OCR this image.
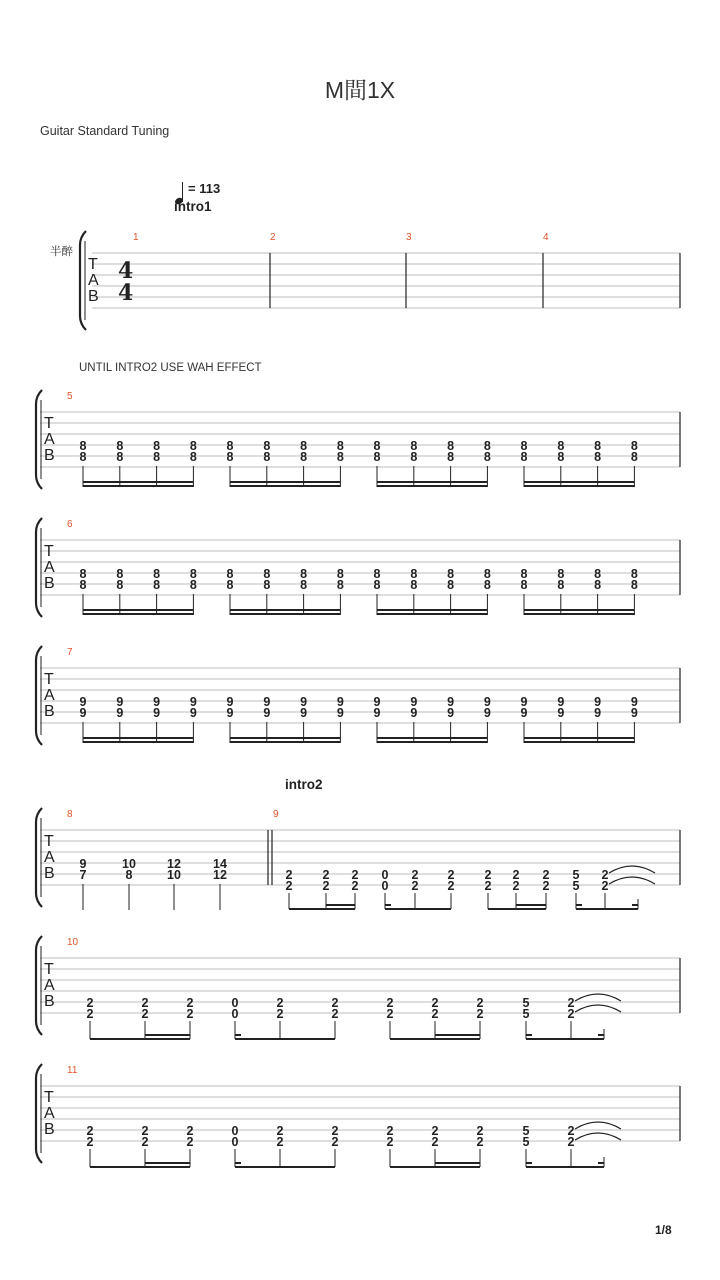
M間1X
Guitar Standard Tuning
= 113
intro1
intro2
UNTIL INTRO2 USE WAH EFFECT
半醉
1/8
T
A
B
4
4
1	2	3	4
T
A
B
5
8
8
8
8
8
8
8
8
8
8
8
8
8
8
8
8
8
8
8
8
8
8
8
8
8
8
8
8
8
8
8
8
T
A
B
6
8
8
8
8
8
8
8
8
8
8
8
8
8
8
8
8
8
8
8
8
8
8
8
8
8
8
8
8
8
8
8
8
T
A
B
7
9
9
9
9
9
9
9
9
9
9
9
9
9
9
9
9
9
9
9
9
9
9
9
9
9
9
9
9
9
9
9
9
T
A
B
8	9
9
7
10
8
12
10
14
12	2
2
2
2
2
2
0
0
2
2
2
2
2
2
2
2
2
2
5
5
2
2
T
A
B
10
2
2
2
2
2
2
0
0
2
2
2
2
2
2
2
2
2
2
5
5
2
2
T
A
B
11
2
2
2
2
2
2
0
0
2
2
2
2
2
2
2
2
2
2
5
5
2
2
